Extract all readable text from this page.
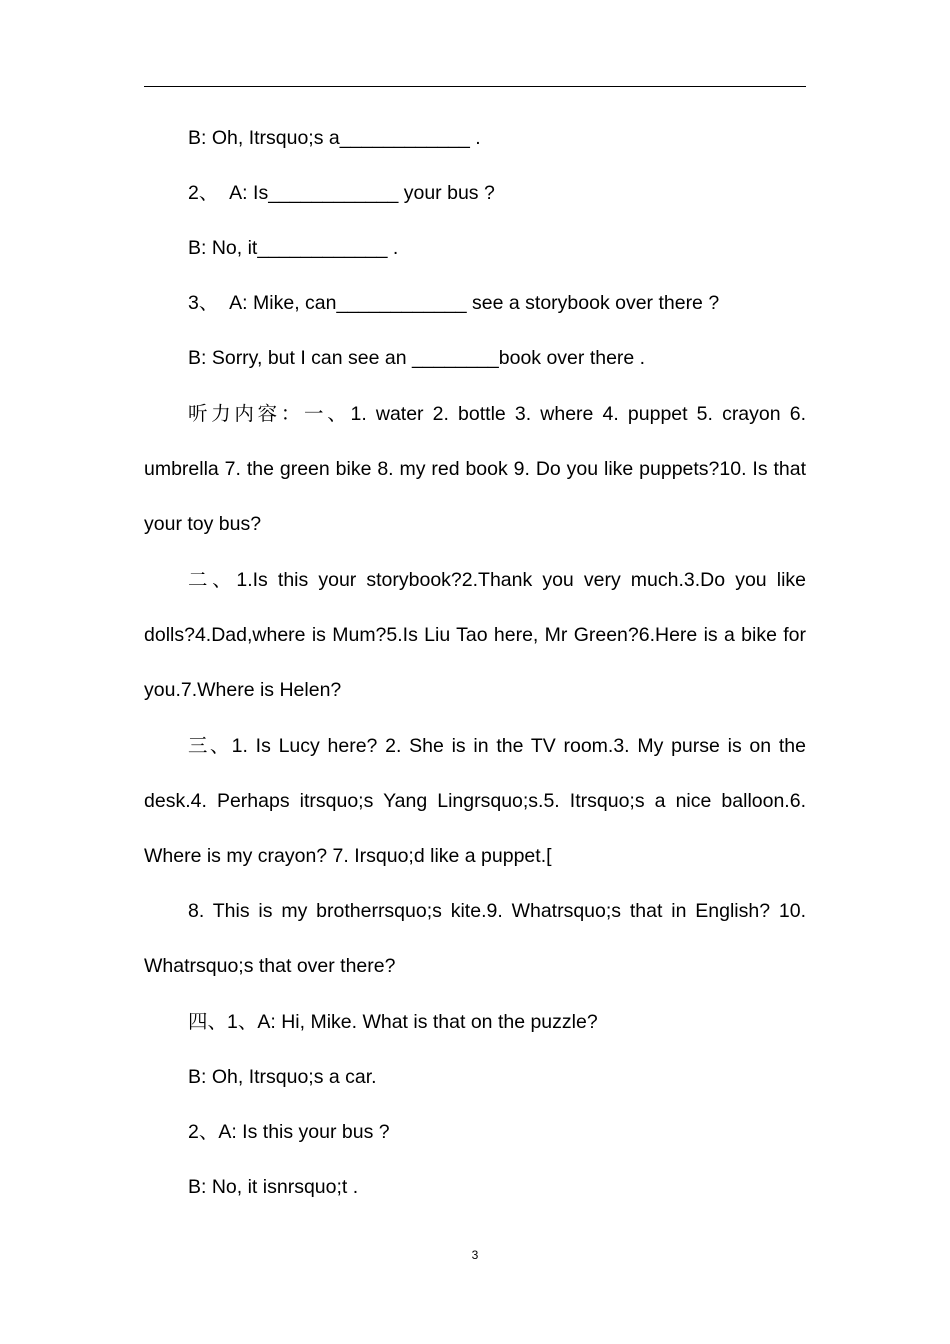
B: Oh, Itrsquo;s a____________ .

2、  A: Is____________ your bus ?

B: No, it____________ .

3、  A: Mike, can____________ see a storybook over there ?

B: Sorry, but I can see an ________book over there .

听力内容：一、1. water 2. bottle 3. where 4. puppet 5. crayon 6. umbrella 7. the green bike 8. my red book 9. Do you like puppets?10. Is that your toy bus?

二、1.Is this your storybook?2.Thank you very much.3.Do you like dolls?4.Dad,where is Mum?5.Is Liu Tao here, Mr Green?6.Here is a bike for you.7.Where is Helen?

三、1. Is Lucy here? 2. She is in the TV room.3. My purse is on the desk.4. Perhaps itrsquo;s Yang Lingrsquo;s.5. Itrsquo;s a nice balloon.6. Where is my crayon? 7. Irsquo;d like a puppet.[

8. This is my brotherrsquo;s kite.9. Whatrsquo;s that in English? 10. Whatrsquo;s that over there?

四、1、A: Hi, Mike. What is that on the puzzle?

B: Oh, Itrsquo;s a car.

2、A: Is this your bus ?

B: No, it isnrsquo;t .

3
